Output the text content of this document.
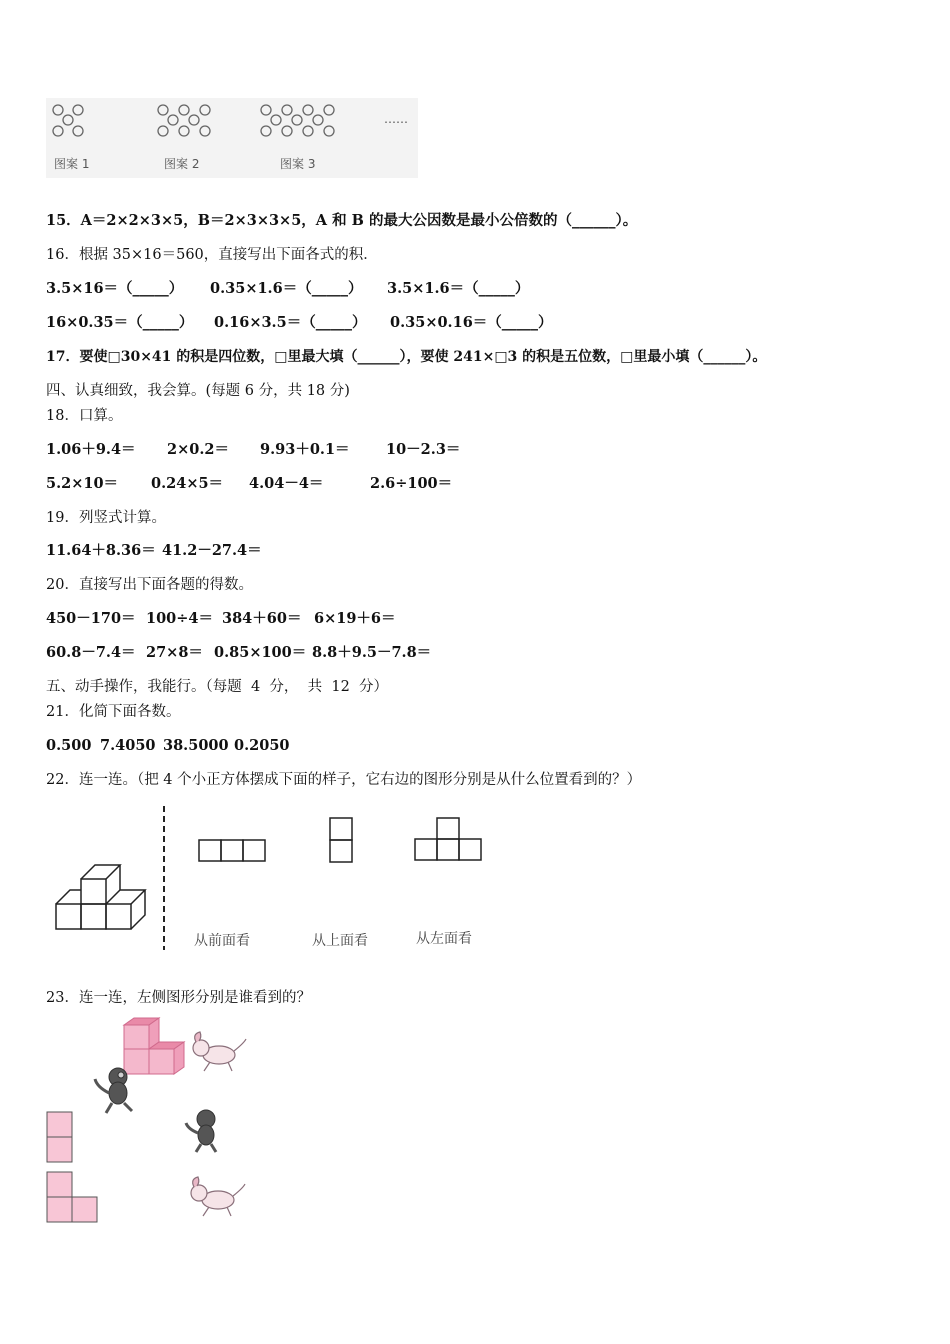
图案 1	图案 2	图案 3
……
15．A＝2×2×3×5，B＝2×3×3×5，A 和 B 的最大公因数是最小公倍数的（______）。
16．根据 35×16＝560，直接写出下面各式的积．
3.5×16＝（_____） 0.35×1.6＝（_____） 3.5×1.6＝（_____）
16×0.35＝（_____） 0.16×3.5＝（_____） 0.35×0.16＝（_____）
17．要使□30×41 的积是四位数，□里最大填（______），要使 241×□3 的积是五位数，□里最小填（______）。
四、认真细致，我会算。(每题 6 分，共 18 分)
18．口算。
1.06＋9.4＝ 2×0.2＝ 9.93＋0.1＝	10－2.3＝
5.2×10＝ 0.24×5＝ 4.04－4＝	2.6÷100＝
19．列竖式计算。
11.64＋8.36＝ 41.2－27.4＝
20．直接写出下面各题的得数。
450－170＝ 100÷4＝ 384＋60＝ 6×19＋6＝
60.8－7.4＝ 27×8＝ 0.85×100＝ 8.8＋9.5－7.8＝
五、动手操作，我能行。（每题  4  分，  共  12  分）
21．化简下面各数。
0.500 7.4050 38.5000 0.2050
22．连一连。（把 4 个小正方体摆成下面的样子，它右边的图形分别是从什么位置看到的？）
从前面看	从上面看	从左面看
23．连一连，左侧图形分别是谁看到的？
